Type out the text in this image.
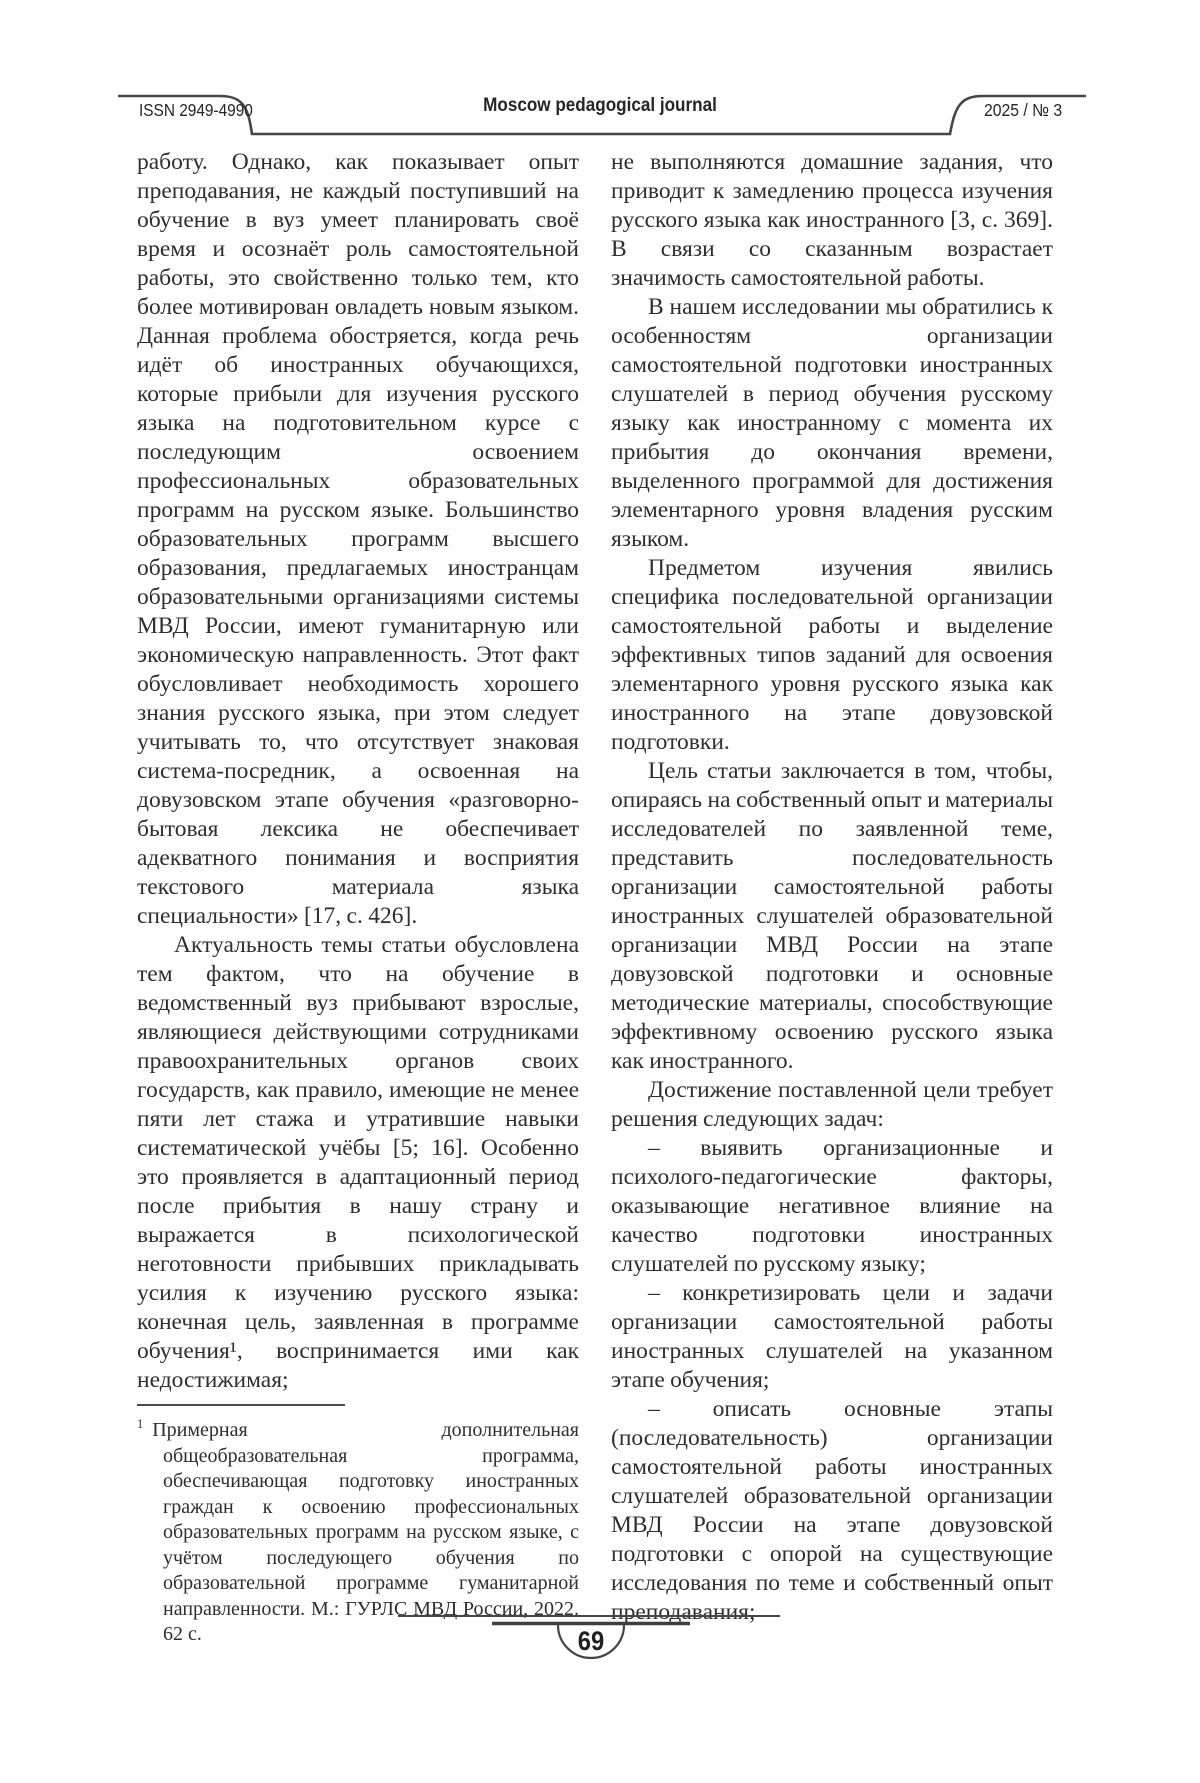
ISSN 2949-4990	Moscow pedagogical journal	2025 / № 3

работу. Однако, как показывает опыт преподавания, не каждый поступивший на обучение в вуз умеет планировать своё время и осознаёт роль самостоятельной работы, это свойственно только тем, кто более мотивирован овладеть новым языком. Данная проблема обостряется, когда речь идёт об иностранных обучающихся, которые прибыли для изучения русского языка на подготовительном курсе с последующим освоением профессиональных образовательных программ на русском языке. Большинство образовательных программ высшего образования, предлагаемых иностранцам образовательными организациями системы МВД России, имеют гуманитарную или экономическую направленность. Этот факт обусловливает необходимость хорошего знания русского языка, при этом следует учитывать то, что отсутствует знаковая система-посредник, а освоенная на довузовском этапе обучения «разговорно-бытовая лексика не обеспечивает адекватного понимания и восприятия текстового материала языка специальности» [17, с. 426].

Актуальность темы статьи обусловлена тем фактом, что на обучение в ведомственный вуз прибывают взрослые, являющиеся действующими сотрудниками правоохранительных органов своих государств, как правило, имеющие не менее пяти лет стажа и утратившие навыки систематической учёбы [5; 16]. Особенно это проявляется в адаптационный период после прибытия в нашу страну и выражается в психологической неготовности прибывших прикладывать усилия к изучению русского языка: конечная цель, заявленная в программе обучения¹, воспринимается ими как недостижимая;

не выполняются домашние задания, что приводит к замедлению процесса изучения русского языка как иностранного [3, с. 369]. В связи со сказанным возрастает значимость самостоятельной работы.

В нашем исследовании мы обратились к особенностям организации самостоятельной подготовки иностранных слушателей в период обучения русскому языку как иностранному с момента их прибытия до окончания времени, выделенного программой для достижения элементарного уровня владения русским языком.

Предметом изучения явились специфика последовательной организации самостоятельной работы и выделение эффективных типов заданий для освоения элементарного уровня русского языка как иностранного на этапе довузовской подготовки.

Цель статьи заключается в том, чтобы, опираясь на собственный опыт и материалы исследователей по заявленной теме, представить последовательность организации самостоятельной работы иностранных слушателей образовательной организации МВД России на этапе довузовской подготовки и основные методические материалы, способствующие эффективному освоению русского языка как иностранного.

Достижение поставленной цели требует решения следующих задач:

– выявить организационные и психолого-педагогические факторы, оказывающие негативное влияние на качество подготовки иностранных слушателей по русскому языку;

– конкретизировать цели и задачи организации самостоятельной работы иностранных слушателей на указанном этапе обучения;

– описать основные этапы (последовательность) организации самостоятельной работы иностранных слушателей образовательной организации МВД России на этапе довузовской подготовки с опорой на существующие исследования по теме и собственный опыт преподавания;

$^1$ Примерная дополнительная общеобразовательная программа, обеспечивающая подготовку иностранных граждан к освоению профессиональных образовательных программ на русском языке, с учётом последующего обучения по образовательной программе гуманитарной направленности. М.: ГУРЛС МВД России, 2022. 62 с.	69
